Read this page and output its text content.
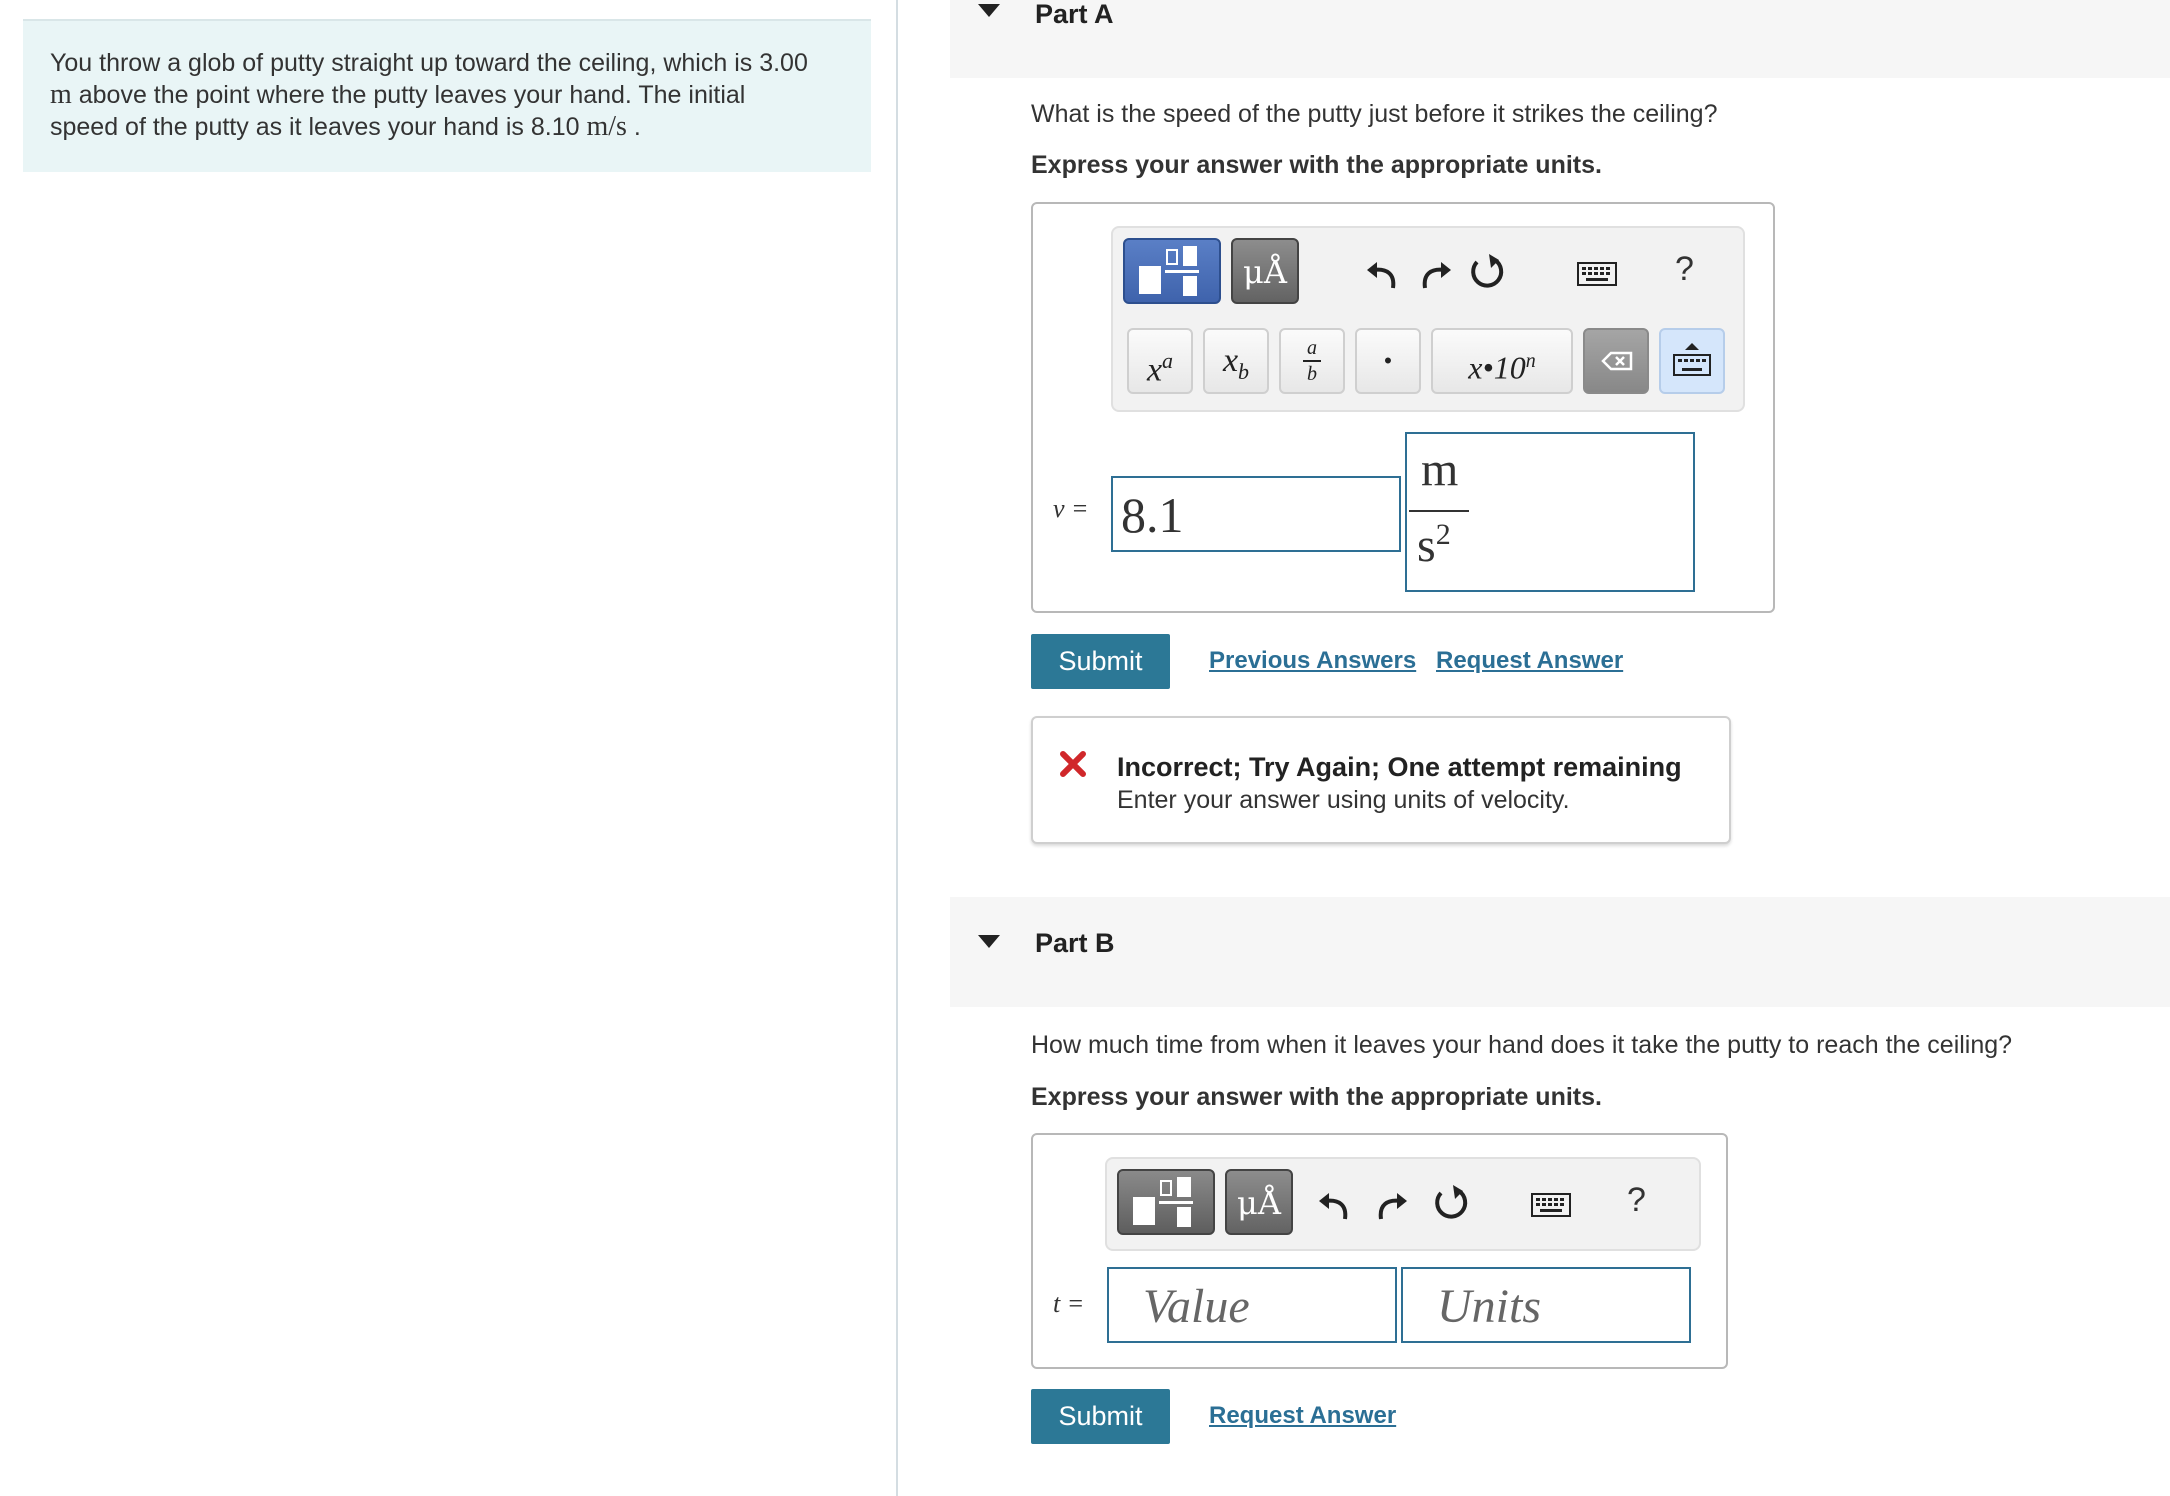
You throw a glob of putty straight up toward the ceiling, which is 3.00
m above the point where the putty leaves your hand. The initial
speed of the putty as it leaves your hand is 8.10 m/s .
Part A
What is the speed of the putty just before it strikes the ceiling?
Express your answer with the appropriate units.
μÅ	?
$x^a$	$x_b$
a
b
•	x•10$^n$
v = 8.1
m
$s^2$
Submit	Previous Answers Request Answer
Incorrect; Try Again; One attempt remaining
Enter your answer using units of velocity.
Part B
How much time from when it leaves your hand does it take the putty to reach the ceiling?
Express your answer with the appropriate units.
μÅ	?
t = Value	Units
Submit	Request Answer
